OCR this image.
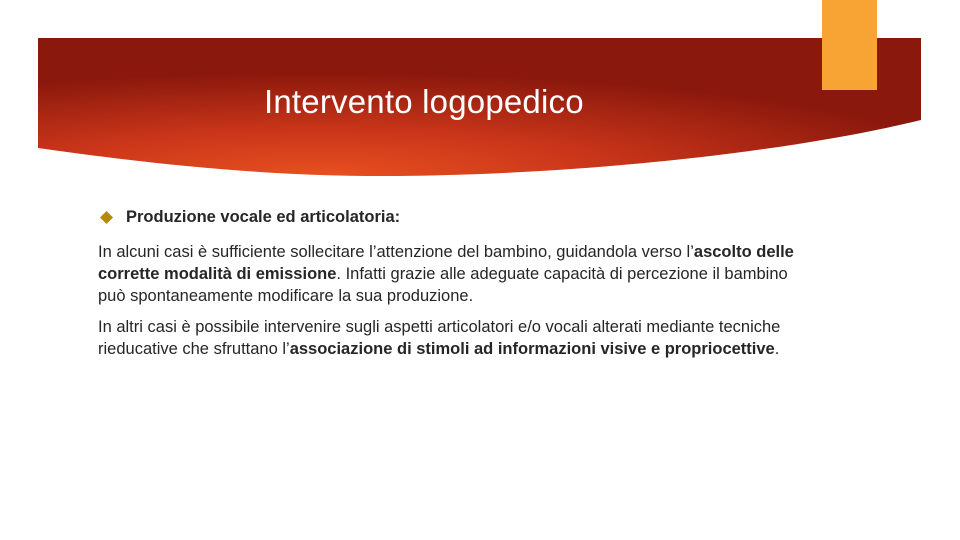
Intervento logopedico
Produzione vocale ed articolatoria:

In alcuni casi è sufficiente sollecitare l’attenzione del bambino, guidandola verso l’ascolto delle corrette modalità di emissione. Infatti grazie alle adeguate capacità di percezione il bambino può spontaneamente modificare la sua produzione.

In altri casi è possibile intervenire sugli aspetti articolatori e/o vocali alterati mediante tecniche rieducative che sfruttano l’associazione di stimoli ad informazioni visive e propriocettive.
